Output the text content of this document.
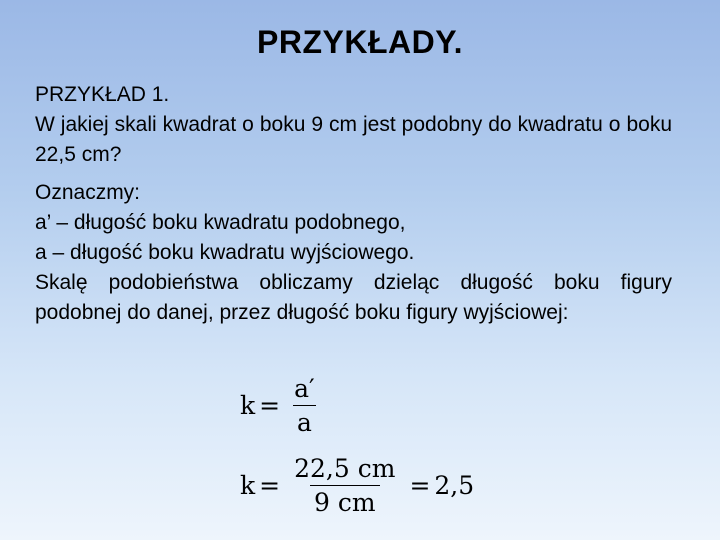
PRZYKŁADY.

PRZYKŁAD 1.

W jakiej skali kwadrat o boku 9 cm jest podobny do kwadratu o boku 22,5 cm?

Oznaczmy:

a’ – długość boku kwadratu podobnego,

a – długość boku kwadratu wyjściowego.

Skalę podobieństwa obliczamy dzieląc długość boku figury podobnej do danej, przez długość boku figury wyjściowej:

$k = \frac{a'}{a}$
$k = \frac{22,5 cm}{9 cm} = 2,5$
